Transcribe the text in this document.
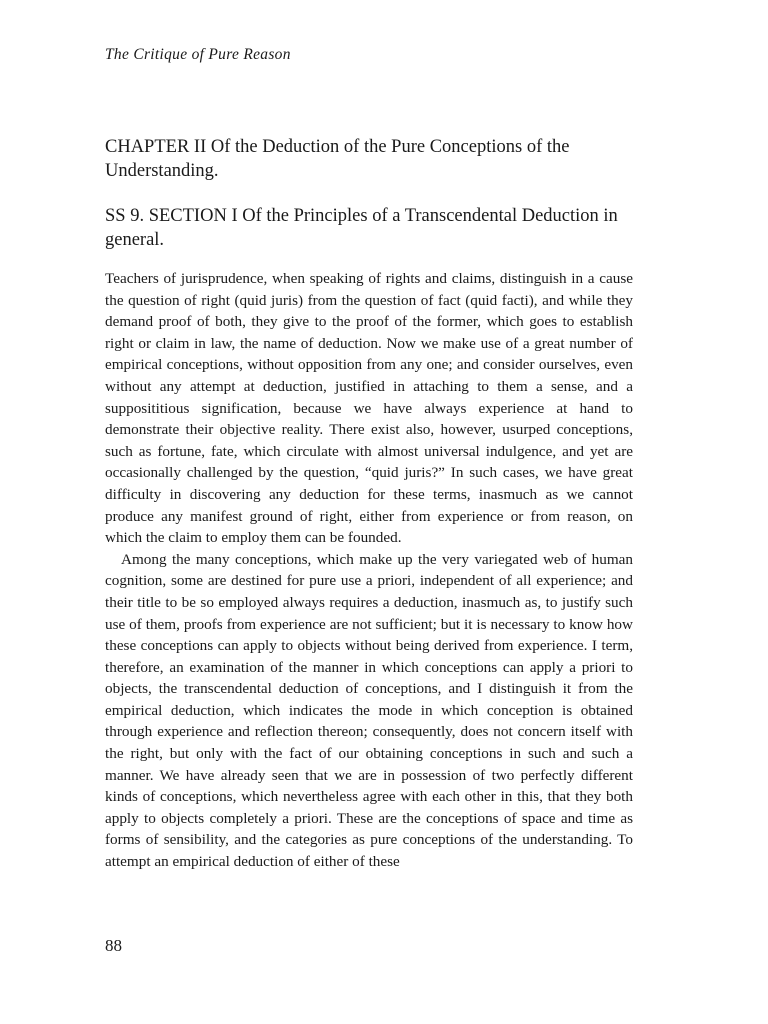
The Critique of Pure Reason
CHAPTER II Of the Deduction of the Pure Conceptions of the Understanding.
SS 9. SECTION I Of the Principles of a Transcendental Deduction in general.

Teachers of jurisprudence, when speaking of rights and claims, distinguish in a cause the question of right (quid juris) from the question of fact (quid facti), and while they demand proof of both, they give to the proof of the former, which goes to establish right or claim in law, the name of deduction. Now we make use of a great number of empirical conceptions, without opposition from any one; and consider ourselves, even without any attempt at deduction, justified in attaching to them a sense, and a supposititious signification, because we have always experience at hand to demonstrate their objective reality. There exist also, however, usurped conceptions, such as fortune, fate, which circulate with almost universal indulgence, and yet are occasionally challenged by the question, “quid juris?” In such cases, we have great difficulty in discovering any deduction for these terms, inasmuch as we cannot produce any manifest ground of right, either from experience or from reason, on which the claim to employ them can be founded.

Among the many conceptions, which make up the very variegated web of human cognition, some are destined for pure use a priori, independent of all experience; and their title to be so employed always requires a deduction, inasmuch as, to justify such use of them, proofs from experience are not sufficient; but it is necessary to know how these conceptions can apply to objects without being derived from experience. I term, therefore, an examination of the manner in which conceptions can apply a priori to objects, the transcendental deduction of conceptions, and I distinguish it from the empirical deduction, which indicates the mode in which conception is obtained through experience and reflection thereon; consequently, does not concern itself with the right, but only with the fact of our obtaining conceptions in such and such a manner. We have already seen that we are in possession of two perfectly different kinds of conceptions, which nevertheless agree with each other in this, that they both apply to objects completely a priori. These are the conceptions of space and time as forms of sensibility, and the categories as pure conceptions of the understanding. To attempt an empirical deduction of either of these

88
